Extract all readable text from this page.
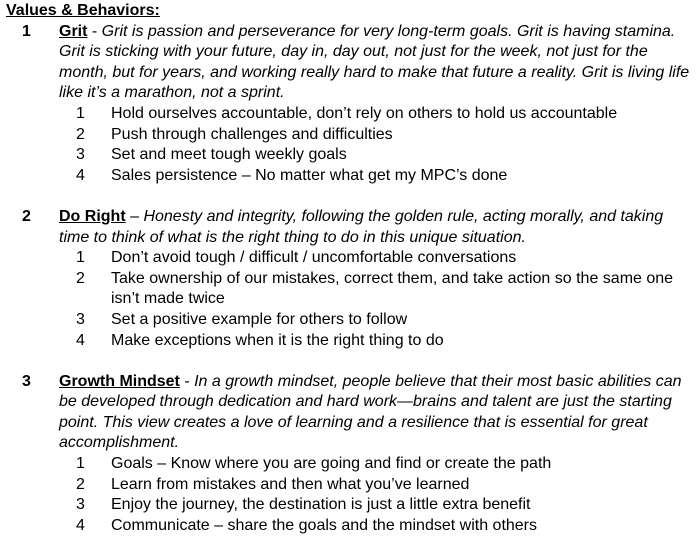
Values & Behaviors:

1 Grit - Grit is passion and perseverance for very long-term goals. Grit is having stamina. Grit is sticking with your future, day in, day out, not just for the week, not just for the month, but for years, and working really hard to make that future a reality. Grit is living life like it’s a marathon, not a sprint.

1 Hold ourselves accountable, don’t rely on others to hold us accountable
2 Push through challenges and difficulties
3 Set and meet tough weekly goals
4 Sales persistence – No matter what get my MPC’s done
2 Do Right – Honesty and integrity, following the golden rule, acting morally, and taking time to think of what is the right thing to do in this unique situation.

1 Don’t avoid tough / difficult / uncomfortable conversations
2 Take ownership of our mistakes, correct them, and take action so the same one isn’t made twice
3 Set a positive example for others to follow
4 Make exceptions when it is the right thing to do
3 Growth Mindset - In a growth mindset, people believe that their most basic abilities can be developed through dedication and hard work—brains and talent are just the starting point. This view creates a love of learning and a resilience that is essential for great accomplishment.

1 Goals – Know where you are going and find or create the path
2 Learn from mistakes and then what you’ve learned
3 Enjoy the journey, the destination is just a little extra benefit
4 Communicate – share the goals and the mindset with others
